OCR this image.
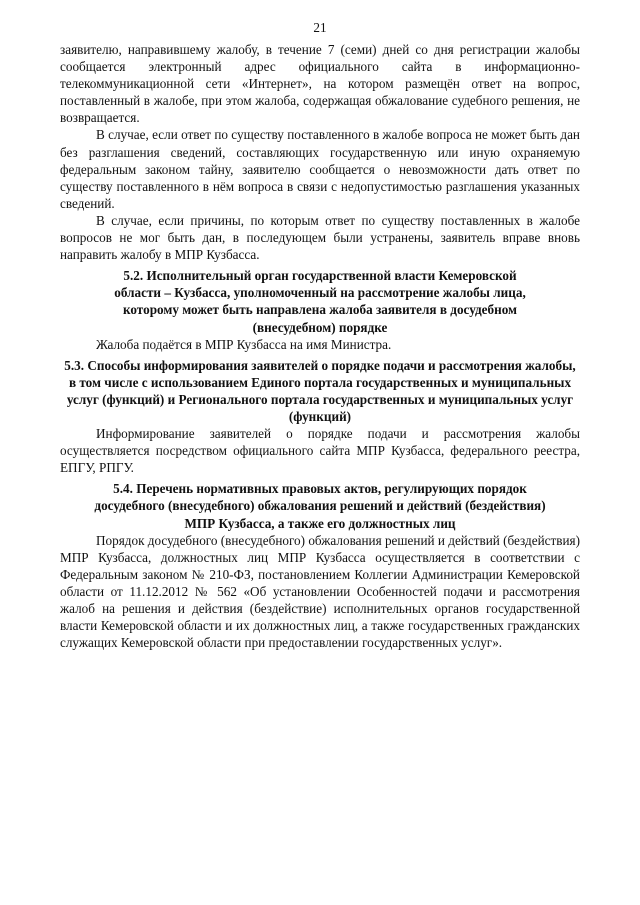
21

заявителю, направившему жалобу, в течение 7 (семи) дней со дня регистрации жалобы сообщается электронный адрес официального сайта в информационно-телекоммуникационной сети «Интернет», на котором размещён ответ на вопрос, поставленный в жалобе, при этом жалоба, содержащая обжалование судебного решения, не возвращается.

В случае, если ответ по существу поставленного в жалобе вопроса не может быть дан без разглашения сведений, составляющих государственную или иную охраняемую федеральным законом тайну, заявителю сообщается о невозможности дать ответ по существу поставленного в нём вопроса в связи с недопустимостью разглашения указанных сведений.

В случае, если причины, по которым ответ по существу поставленных в жалобе вопросов не мог быть дан, в последующем были устранены, заявитель вправе вновь направить жалобу в МПР Кузбасса.

5.2. Исполнительный орган государственной власти Кемеровской области – Кузбасса, уполномоченный на рассмотрение жалобы лица, которому может быть направлена жалоба заявителя в досудебном (внесудебном) порядке

Жалоба подаётся в МПР Кузбасса на имя Министра.

5.3. Способы информирования заявителей о порядке подачи и рассмотрения жалобы, в том числе с использованием Единого портала государственных и муниципальных услуг (функций) и Регионального портала государственных и муниципальных услуг (функций)

Информирование заявителей о порядке подачи и рассмотрения жалобы осуществляется посредством официального сайта МПР Кузбасса, федерального реестра, ЕПГУ, РПГУ.

5.4. Перечень нормативных правовых актов, регулирующих порядок досудебного (внесудебного) обжалования решений и действий (бездействия) МПР Кузбасса, а также его должностных лиц

Порядок досудебного (внесудебного) обжалования решений и действий (бездействия) МПР Кузбасса, должностных лиц МПР Кузбасса осуществляется в соответствии с Федеральным законом № 210-ФЗ, постановлением Коллегии Администрации Кемеровской области от 11.12.2012 № 562 «Об установлении Особенностей подачи и рассмотрения жалоб на решения и действия (бездействие) исполнительных органов государственной власти Кемеровской области и их должностных лиц, а также государственных гражданских служащих Кемеровской области при предоставлении государственных услуг».
